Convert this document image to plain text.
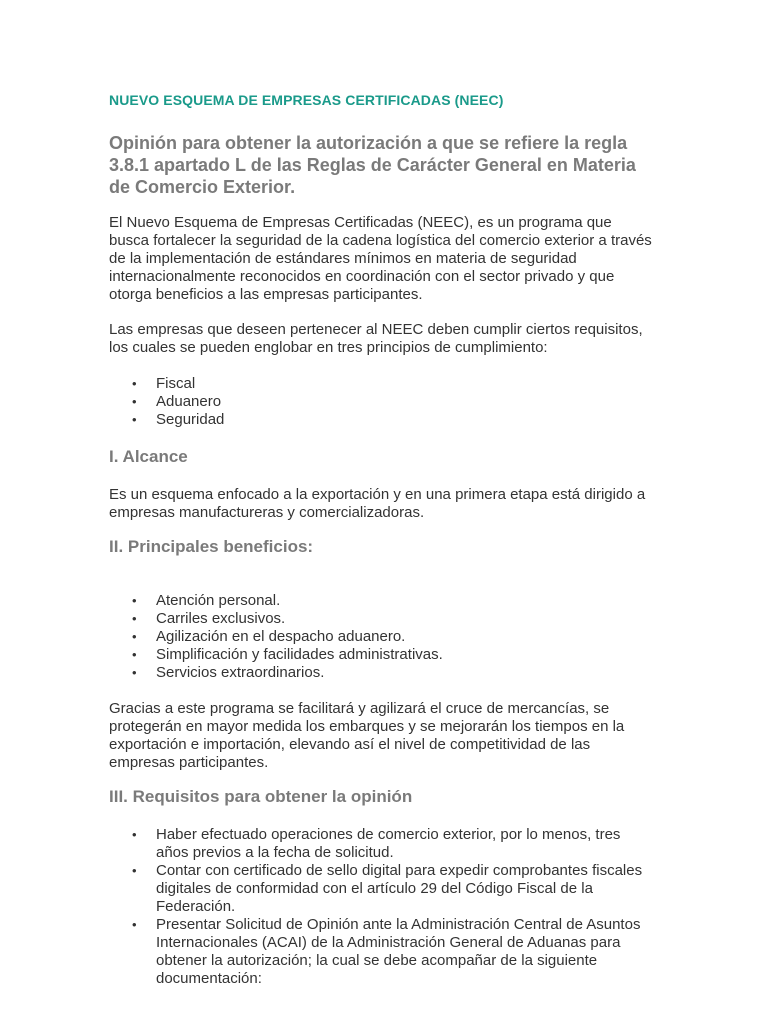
NUEVO ESQUEMA DE EMPRESAS CERTIFICADAS (NEEC)
Opinión para obtener la autorización a que se refiere la regla 3.8.1 apartado L de las Reglas de Carácter General en Materia de Comercio Exterior.

El Nuevo Esquema de Empresas Certificadas (NEEC), es un programa que busca fortalecer la seguridad de la cadena logística del comercio exterior a través de la implementación de estándares mínimos en materia de seguridad internacionalmente reconocidos en coordinación con el sector privado y que otorga beneficios a las empresas participantes.

Las empresas que deseen pertenecer al NEEC deben cumplir ciertos requisitos, los cuales se pueden englobar en tres principios de cumplimiento:

• Fiscal
• Aduanero
• Seguridad
I. Alcance

Es un esquema enfocado a la exportación y en una primera etapa está dirigido a empresas manufactureras y comercializadoras.

II. Principales beneficios:
• Atención personal.
• Carriles exclusivos.
• Agilización en el despacho aduanero.
• Simplificación y facilidades administrativas.
• Servicios extraordinarios.

Gracias a este programa se facilitará y agilizará el cruce de mercancías, se protegerán en mayor medida los embarques y se mejorarán los tiempos en la exportación e importación, elevando así el nivel de competitividad de las empresas participantes.

III. Requisitos para obtener la opinión
• Haber efectuado operaciones de comercio exterior, por lo menos, tres años previos a la fecha de solicitud.
• Contar con certificado de sello digital para expedir comprobantes fiscales digitales de conformidad con el artículo 29 del Código Fiscal de la Federación.
• Presentar Solicitud de Opinión ante la Administración Central de Asuntos Internacionales (ACAI) de la Administración General de Aduanas para obtener la autorización; la cual se debe acompañar de la siguiente documentación:
